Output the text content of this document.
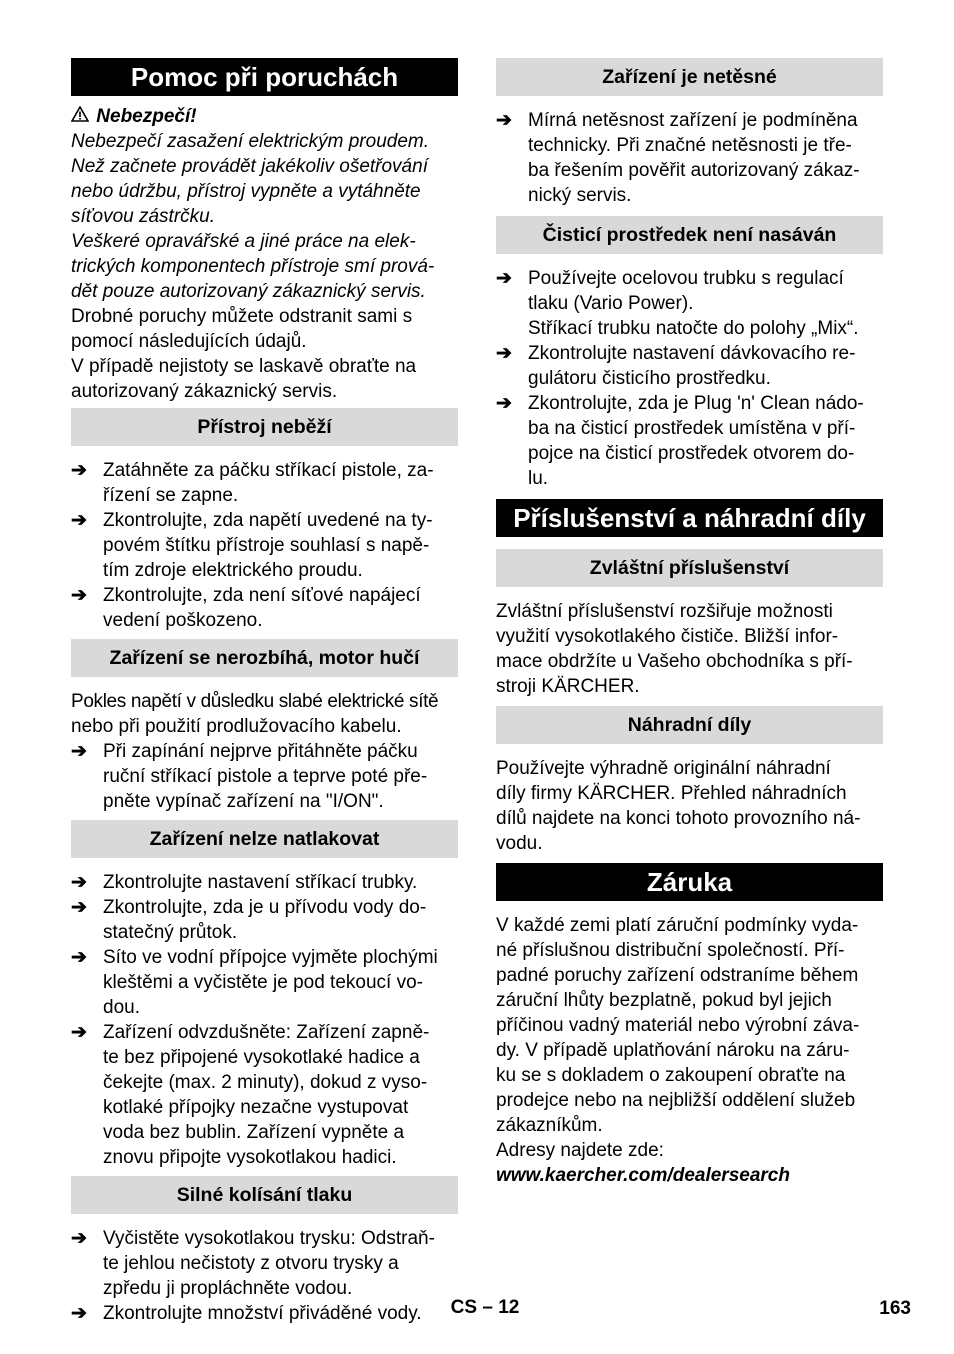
Pomoc při poruchách

Nebezpečí!

Nebezpečí zasažení elektrickým proudem.

Než začnete provádět jakékoliv ošetřování

nebo údržbu, přístroj vypněte a vytáhněte

síťovou zástrčku.

Veškeré opravářské a jiné práce na elek-

trických komponentech přístroje smí prová-

dět pouze autorizovaný zákaznický servis.

Drobné poruchy můžete odstranit sami s

pomocí následujících údajů.

V případě nejistoty se laskavě obraťte na

autorizovaný zákaznický servis.

Přístroj neběží
➔ Zatáhněte za páčku stříkací pistole, za-
řízení se zapne.
➔ Zkontrolujte, zda napětí uvedené na ty-
povém štítku přístroje souhlasí s napě-
tím zdroje elektrického proudu.
➔ Zkontrolujte, zda není síťové napájecí
vedení poškozeno.
Zařízení se nerozbíhá, motor hučí

Pokles napětí v důsledku slabé elektrické sítě

nebo při použití prodlužovacího kabelu.

➔ Při zapínání nejprve přitáhněte páčku
ruční stříkací pistole a teprve poté pře-
pněte vypínač zařízení na "I/ON".
Zařízení nelze natlakovat
➔ Zkontrolujte nastavení stříkací trubky.
➔ Zkontrolujte, zda je u přívodu vody do-
statečný průtok.
➔ Síto ve vodní přípojce vyjměte plochými
kleštěmi a vyčistěte je pod tekoucí vo-
dou.
➔ Zařízení odvzdušněte: Zařízení zapně-
te bez připojené vysokotlaké hadice a
čekejte (max. 2 minuty), dokud z vyso-
kotlaké přípojky nezačne vystupovat
voda bez bublin. Zařízení vypněte a
znovu připojte vysokotlakou hadici.
Silné kolísání tlaku
➔ Vyčistěte vysokotlakou trysku: Odstraň-
te jehlou nečistoty z otvoru trysky a
zpředu ji propláchněte vodou.
➔ Zkontrolujte množství přiváděné vody.
Zařízení je netěsné
➔ Mírná netěsnost zařízení je podmíněna
technicky. Při značné netěsnosti je tře-
ba řešením pověřit autorizovaný zákaz-
nický servis.
Čisticí prostředek není nasáván
➔ Používejte ocelovou trubku s regulací
tlaku (Vario Power).
Stříkací trubku natočte do polohy „Mix“.
➔ Zkontrolujte nastavení dávkovacího re-
gulátoru čisticího prostředku.
➔ Zkontrolujte, zda je Plug 'n' Clean nádo-
ba na čisticí prostředek umístěna v pří-
pojce na čisticí prostředek otvorem do-
lu.
Příslušenství a náhradní díly
Zvláštní příslušenství

Zvláštní příslušenství rozšiřuje možnosti

využití vysokotlakého čističe. Bližší infor-

mace obdržíte u Vašeho obchodníka s pří-

stroji KÄRCHER.

Náhradní díly

Používejte výhradně originální náhradní

díly firmy KÄRCHER. Přehled náhradních

dílů najdete na konci tohoto provozního ná-

vodu.

Záruka

V každé zemi platí záruční podmínky vyda-

né příslušnou distribuční společností. Pří-

padné poruchy zařízení odstraníme během

záruční lhůty bezplatně, pokud byl jejich

příčinou vadný materiál nebo výrobní záva-

dy. V případě uplatňování nároku na záru-

ku se s dokladem o zakoupení obraťte na

prodejce nebo na nejbližší oddělení služeb

zákazníkům.

Adresy najdete zde:

www.kaercher.com/dealersearch

CS – 12	163
